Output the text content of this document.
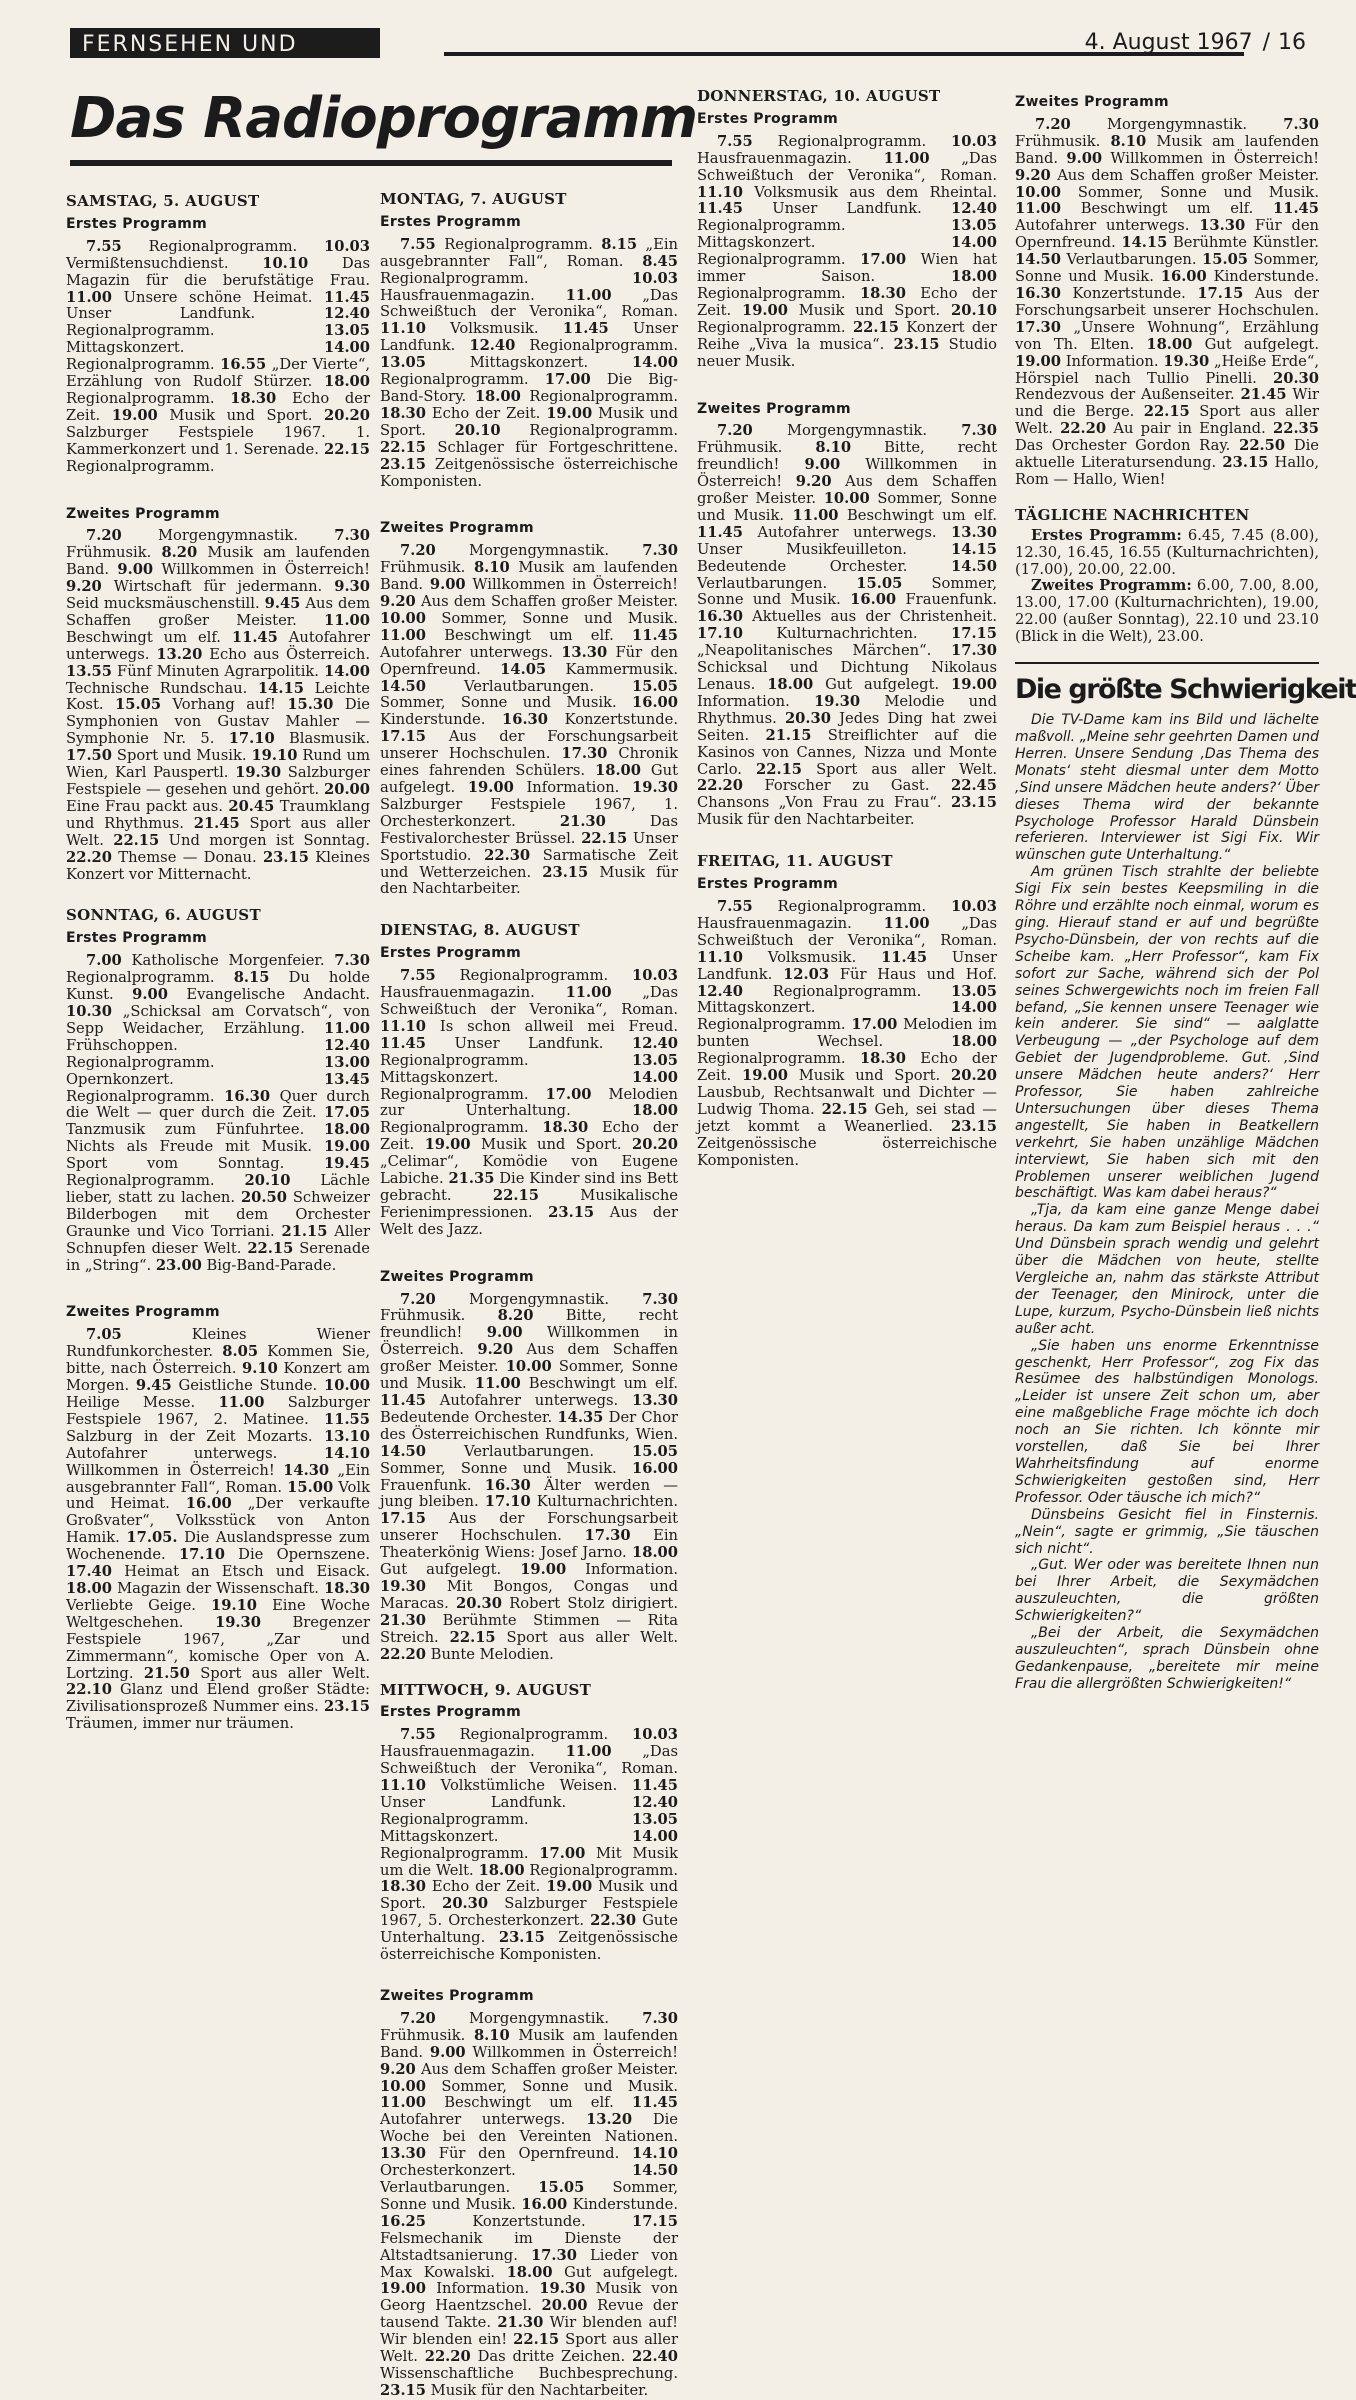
FERNSEHEN UND RADIO
4. August 1967 / 16
Das Radioprogramm
SAMSTAG, 5. AUGUST
Erstes Programm

7.55 Regionalprogramm. 10.03 Vermißtensuchdienst. 10.10 Das Magazin für die berufstätige Frau. 11.00 Unsere schöne Heimat. 11.45 Unser Landfunk. 12.40 Regionalprogramm. 13.05 Mittagskonzert. 14.00 Regionalprogramm. 16.55 „Der Vierte“, Erzählung von Rudolf Stürzer. 18.00 Regionalprogramm. 18.30 Echo der Zeit. 19.00 Musik und Sport. 20.20 Salzburger Festspiele 1967. 1. Kammerkonzert und 1. Serenade. 22.15 Regionalprogramm.

Zweites Programm

7.20 Morgengymnastik. 7.30 Frühmusik. 8.20 Musik am laufenden Band. 9.00 Willkommen in Österreich! 9.20 Wirtschaft für jedermann. 9.30 Seid mucksmäuschenstill. 9.45 Aus dem Schaffen großer Meister. 11.00 Beschwingt um elf. 11.45 Autofahrer unterwegs. 13.20 Echo aus Österreich. 13.55 Fünf Minuten Agrarpolitik. 14.00 Technische Rundschau. 14.15 Leichte Kost. 15.05 Vorhang auf! 15.30 Die Symphonien von Gustav Mahler — Symphonie Nr. 5. 17.10 Blasmusik. 17.50 Sport und Musik. 19.10 Rund um Wien, Karl Pauspertl. 19.30 Salzburger Festspiele — gesehen und gehört. 20.00 Eine Frau packt aus. 20.45 Traumklang und Rhythmus. 21.45 Sport aus aller Welt. 22.15 Und morgen ist Sonntag. 22.20 Themse — Donau. 23.15 Kleines Konzert vor Mitternacht.

SONNTAG, 6. AUGUST
Erstes Programm

7.00 Katholische Morgenfeier. 7.30 Regionalprogramm. 8.15 Du holde Kunst. 9.00 Evangelische Andacht. 10.30 „Schicksal am Corvatsch“, von Sepp Weidacher, Erzählung. 11.00 Frühschoppen. 12.40 Regionalprogramm. 13.00 Opernkonzert. 13.45 Regionalprogramm. 16.30 Quer durch die Welt — quer durch die Zeit. 17.05 Tanzmusik zum Fünfuhrtee. 18.00 Nichts als Freude mit Musik. 19.00 Sport vom Sonntag. 19.45 Regionalprogramm. 20.10 Lächle lieber, statt zu lachen. 20.50 Schweizer Bilderbogen mit dem Orchester Graunke und Vico Torriani. 21.15 Aller Schnupfen dieser Welt. 22.15 Serenade in „String“. 23.00 Big-Band-Parade.

Zweites Programm

7.05 Kleines Wiener Rundfunkorchester. 8.05 Kommen Sie, bitte, nach Österreich. 9.10 Konzert am Morgen. 9.45 Geistliche Stunde. 10.00 Heilige Messe. 11.00 Salzburger Festspiele 1967, 2. Matinee. 11.55 Salzburg in der Zeit Mozarts. 13.10 Autofahrer unterwegs. 14.10 Willkommen in Österreich! 14.30 „Ein ausgebrannter Fall“, Roman. 15.00 Volk und Heimat. 16.00 „Der verkaufte Großvater“, Volksstück von Anton Hamik. 17.05. Die Auslandspresse zum Wochenende. 17.10 Die Opernszene. 17.40 Heimat an Etsch und Eisack. 18.00 Magazin der Wissenschaft. 18.30 Verliebte Geige. 19.10 Eine Woche Weltgeschehen. 19.30 Bregenzer Festspiele 1967, „Zar und Zimmermann“, komische Oper von A. Lortzing. 21.50 Sport aus aller Welt. 22.10 Glanz und Elend großer Städte: Zivilisationsprozeß Nummer eins. 23.15 Träumen, immer nur träumen.

MONTAG, 7. AUGUST
Erstes Programm

7.55 Regionalprogramm. 8.15 „Ein ausgebrannter Fall“, Roman. 8.45 Regionalprogramm. 10.03 Hausfrauenmagazin. 11.00 „Das Schweißtuch der Veronika“, Roman. 11.10 Volksmusik. 11.45 Unser Landfunk. 12.40 Regionalprogramm. 13.05 Mittagskonzert. 14.00 Regionalprogramm. 17.00 Die Big-Band-Story. 18.00 Regionalprogramm. 18.30 Echo der Zeit. 19.00 Musik und Sport. 20.10 Regionalprogramm. 22.15 Schlager für Fortgeschrittene. 23.15 Zeitgenössische österreichische Komponisten.

Zweites Programm

7.20 Morgengymnastik. 7.30 Frühmusik. 8.10 Musik am laufenden Band. 9.00 Willkommen in Österreich! 9.20 Aus dem Schaffen großer Meister. 10.00 Sommer, Sonne und Musik. 11.00 Beschwingt um elf. 11.45 Autofahrer unterwegs. 13.30 Für den Opernfreund. 14.05 Kammermusik. 14.50 Verlautbarungen. 15.05 Sommer, Sonne und Musik. 16.00 Kinderstunde. 16.30 Konzertstunde. 17.15 Aus der Forschungsarbeit unserer Hochschulen. 17.30 Chronik eines fahrenden Schülers. 18.00 Gut aufgelegt. 19.00 Information. 19.30 Salzburger Festspiele 1967, 1. Orchesterkonzert. 21.30 Das Festivalorchester Brüssel. 22.15 Unser Sportstudio. 22.30 Sarmatische Zeit und Wetterzeichen. 23.15 Musik für den Nachtarbeiter.

DIENSTAG, 8. AUGUST
Erstes Programm

7.55 Regionalprogramm. 10.03 Hausfrauenmagazin. 11.00 „Das Schweißtuch der Veronika“, Roman. 11.10 Is schon allweil mei Freud. 11.45 Unser Landfunk. 12.40 Regionalprogramm. 13.05 Mittagskonzert. 14.00 Regionalprogramm. 17.00 Melodien zur Unterhaltung. 18.00 Regionalprogramm. 18.30 Echo der Zeit. 19.00 Musik und Sport. 20.20 „Celimar“, Komödie von Eugene Labiche. 21.35 Die Kinder sind ins Bett gebracht. 22.15 Musikalische Ferienimpressionen. 23.15 Aus der Welt des Jazz.

Zweites Programm

7.20 Morgengymnastik. 7.30 Frühmusik. 8.20 Bitte, recht freundlich! 9.00 Willkommen in Österreich. 9.20 Aus dem Schaffen großer Meister. 10.00 Sommer, Sonne und Musik. 11.00 Beschwingt um elf. 11.45 Autofahrer unterwegs. 13.30 Bedeutende Orchester. 14.35 Der Chor des Österreichischen Rundfunks, Wien. 14.50 Verlautbarungen. 15.05 Sommer, Sonne und Musik. 16.00 Frauenfunk. 16.30 Älter werden — jung bleiben. 17.10 Kulturnachrichten. 17.15 Aus der Forschungsarbeit unserer Hochschulen. 17.30 Ein Theaterkönig Wiens: Josef Jarno. 18.00 Gut aufgelegt. 19.00 Information. 19.30 Mit Bongos, Congas und Maracas. 20.30 Robert Stolz dirigiert. 21.30 Berühmte Stimmen — Rita Streich. 22.15 Sport aus aller Welt. 22.20 Bunte Melodien.

MITTWOCH, 9. AUGUST
Erstes Programm

7.55 Regionalprogramm. 10.03 Hausfrauenmagazin. 11.00 „Das Schweißtuch der Veronika“, Roman. 11.10 Volkstümliche Weisen. 11.45 Unser Landfunk. 12.40 Regionalprogramm. 13.05 Mittagskonzert. 14.00 Regionalprogramm. 17.00 Mit Musik um die Welt. 18.00 Regionalprogramm. 18.30 Echo der Zeit. 19.00 Musik und Sport. 20.30 Salzburger Festspiele 1967, 5. Orchesterkonzert. 22.30 Gute Unterhaltung. 23.15 Zeitgenössische österreichische Komponisten.

Zweites Programm

7.20 Morgengymnastik. 7.30 Frühmusik. 8.10 Musik am laufenden Band. 9.00 Willkommen in Österreich! 9.20 Aus dem Schaffen großer Meister. 10.00 Sommer, Sonne und Musik. 11.00 Beschwingt um elf. 11.45 Autofahrer unterwegs. 13.20 Die Woche bei den Vereinten Nationen. 13.30 Für den Opernfreund. 14.10 Orchesterkonzert. 14.50 Verlautbarungen. 15.05 Sommer, Sonne und Musik. 16.00 Kinderstunde. 16.25 Konzertstunde. 17.15 Felsmechanik im Dienste der Altstadtsanierung. 17.30 Lieder von Max Kowalski. 18.00 Gut aufgelegt. 19.00 Information. 19.30 Musik von Georg Haentzschel. 20.00 Revue der tausend Takte. 21.30 Wir blenden auf! Wir blenden ein! 22.15 Sport aus aller Welt. 22.20 Das dritte Zeichen. 22.40 Wissenschaftliche Buchbesprechung. 23.15 Musik für den Nachtarbeiter.

DONNERSTAG, 10. AUGUST
Erstes Programm

7.55 Regionalprogramm. 10.03 Hausfrauenmagazin. 11.00 „Das Schweißtuch der Veronika“, Roman. 11.10 Volksmusik aus dem Rheintal. 11.45 Unser Landfunk. 12.40 Regionalprogramm. 13.05 Mittagskonzert. 14.00 Regionalprogramm. 17.00 Wien hat immer Saison. 18.00 Regionalprogramm. 18.30 Echo der Zeit. 19.00 Musik und Sport. 20.10 Regionalprogramm. 22.15 Konzert der Reihe „Viva la musica“. 23.15 Studio neuer Musik.

Zweites Programm

7.20 Morgengymnastik. 7.30 Frühmusik. 8.10 Bitte, recht freundlich! 9.00 Willkommen in Österreich! 9.20 Aus dem Schaffen großer Meister. 10.00 Sommer, Sonne und Musik. 11.00 Beschwingt um elf. 11.45 Autofahrer unterwegs. 13.30 Unser Musikfeuilleton. 14.15 Bedeutende Orchester. 14.50 Verlautbarungen. 15.05 Sommer, Sonne und Musik. 16.00 Frauenfunk. 16.30 Aktuelles aus der Christenheit. 17.10 Kulturnachrichten. 17.15 „Neapolitanisches Märchen“. 17.30 Schicksal und Dichtung Nikolaus Lenaus. 18.00 Gut aufgelegt. 19.00 Information. 19.30 Melodie und Rhythmus. 20.30 Jedes Ding hat zwei Seiten. 21.15 Streiflichter auf die Kasinos von Cannes, Nizza und Monte Carlo. 22.15 Sport aus aller Welt. 22.20 Forscher zu Gast. 22.45 Chansons „Von Frau zu Frau“. 23.15 Musik für den Nachtarbeiter.

FREITAG, 11. AUGUST
Erstes Programm

7.55 Regionalprogramm. 10.03 Hausfrauenmagazin. 11.00 „Das Schweißtuch der Veronika“, Roman. 11.10 Volksmusik. 11.45 Unser Landfunk. 12.03 Für Haus und Hof. 12.40 Regionalprogramm. 13.05 Mittagskonzert. 14.00 Regionalprogramm. 17.00 Melodien im bunten Wechsel. 18.00 Regionalprogramm. 18.30 Echo der Zeit. 19.00 Musik und Sport. 20.20 Lausbub, Rechtsanwalt und Dichter — Ludwig Thoma. 22.15 Geh, sei stad — jetzt kommt a Weanerlied. 23.15 Zeitgenössische österreichische Komponisten.

Zweites Programm

7.20 Morgengymnastik. 7.30 Frühmusik. 8.10 Musik am laufenden Band. 9.00 Willkommen in Österreich! 9.20 Aus dem Schaffen großer Meister. 10.00 Sommer, Sonne und Musik. 11.00 Beschwingt um elf. 11.45 Autofahrer unterwegs. 13.30 Für den Opernfreund. 14.15 Berühmte Künstler. 14.50 Verlautbarungen. 15.05 Sommer, Sonne und Musik. 16.00 Kinderstunde. 16.30 Konzertstunde. 17.15 Aus der Forschungsarbeit unserer Hochschulen. 17.30 „Unsere Wohnung“, Erzählung von Th. Elten. 18.00 Gut aufgelegt. 19.00 Information. 19.30 „Heiße Erde“, Hörspiel nach Tullio Pinelli. 20.30 Rendezvous der Außenseiter. 21.45 Wir und die Berge. 22.15 Sport aus aller Welt. 22.20 Au pair in England. 22.35 Das Orchester Gordon Ray. 22.50 Die aktuelle Literatursendung. 23.15 Hallo, Rom — Hallo, Wien!

TÄGLICHE NACHRICHTEN

Erstes Programm: 6.45, 7.45 (8.00), 12.30, 16.45, 16.55 (Kulturnachrichten), (17.00), 20.00, 22.00.

Zweites Programm: 6.00, 7.00, 8.00, 13.00, 17.00 (Kulturnachrichten), 19.00, 22.00 (außer Sonntag), 22.10 und 23.10 (Blick in die Welt), 23.00.

Die größte Schwierigkeit

Die TV-Dame kam ins Bild und lächelte maßvoll. „Meine sehr geehrten Damen und Herren. Unsere Sendung ‚Das Thema des Monats‘ steht diesmal unter dem Motto ‚Sind unsere Mädchen heute anders?‘ Über dieses Thema wird der bekannte Psychologe Professor Harald Dünsbein referieren. Interviewer ist Sigi Fix. Wir wünschen gute Unterhaltung.“

Am grünen Tisch strahlte der beliebte Sigi Fix sein bestes Keepsmiling in die Röhre und erzählte noch einmal, worum es ging. Hierauf stand er auf und begrüßte Psycho-Dünsbein, der von rechts auf die Scheibe kam. „Herr Professor“, kam Fix sofort zur Sache, während sich der Pol seines Schwergewichts noch im freien Fall befand, „Sie kennen unsere Teenager wie kein anderer. Sie sind“ — aalglatte Verbeugung — „der Psychologe auf dem Gebiet der Jugendprobleme. Gut. ‚Sind unsere Mädchen heute anders?‘ Herr Professor, Sie haben zahlreiche Untersuchungen über dieses Thema angestellt, Sie haben in Beatkellern verkehrt, Sie haben unzählige Mädchen interviewt, Sie haben sich mit den Problemen unserer weiblichen Jugend beschäftigt. Was kam dabei heraus?“

„Tja, da kam eine ganze Menge dabei heraus. Da kam zum Beispiel heraus . . .“ Und Dünsbein sprach wendig und gelehrt über die Mädchen von heute, stellte Vergleiche an, nahm das stärkste Attribut der Teenager, den Minirock, unter die Lupe, kurzum, Psycho-Dünsbein ließ nichts außer acht.

„Sie haben uns enorme Erkenntnisse geschenkt, Herr Professor“, zog Fix das Resümee des halbstündigen Monologs. „Leider ist unsere Zeit schon um, aber eine maßgebliche Frage möchte ich doch noch an Sie richten. Ich könnte mir vorstellen, daß Sie bei Ihrer Wahrheitsfindung auf enorme Schwierigkeiten gestoßen sind, Herr Professor. Oder täusche ich mich?“

Dünsbeins Gesicht fiel in Finsternis. „Nein“, sagte er grimmig, „Sie täuschen sich nicht“.

„Gut. Wer oder was bereitete Ihnen nun bei Ihrer Arbeit, die Sexymädchen auszuleuchten, die größten Schwierigkeiten?“

„Bei der Arbeit, die Sexymädchen auszuleuchten“, sprach Dünsbein ohne Gedankenpause, „bereitete mir meine Frau die allergrößten Schwierigkeiten!“
